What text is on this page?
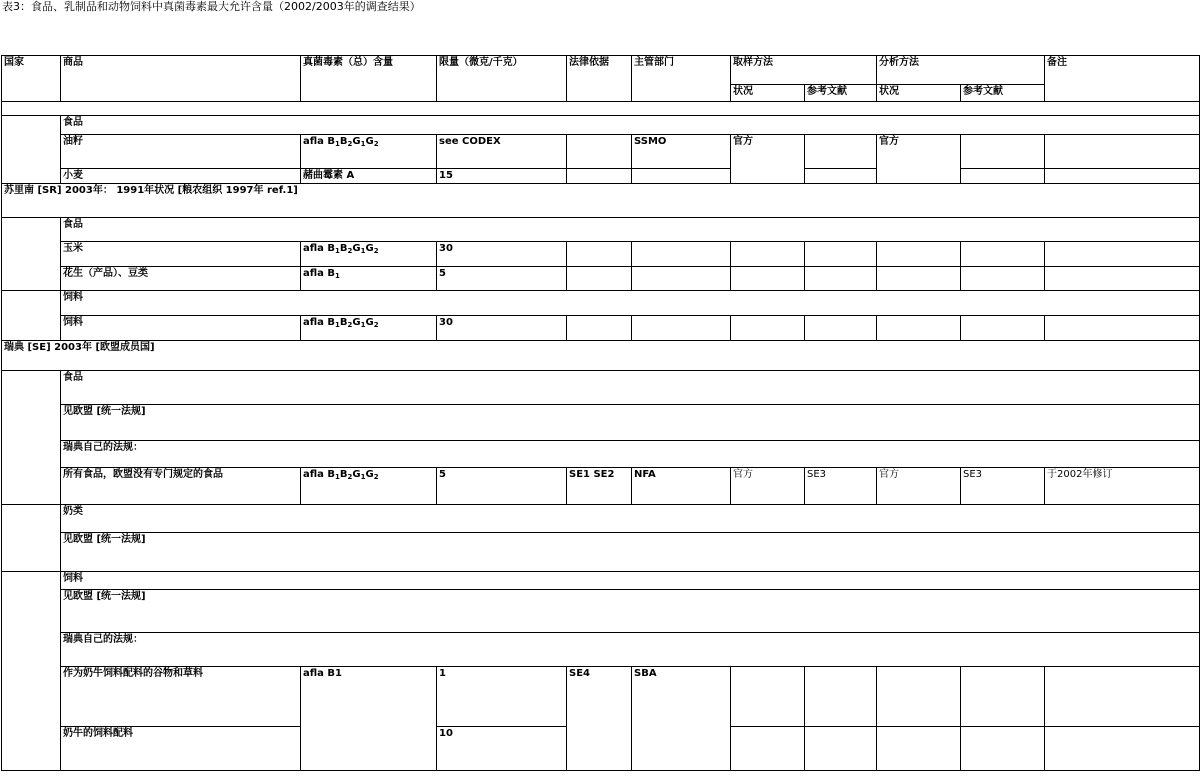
表3：食品、乳制品和动物饲料中真菌毒素最大允许含量（2002/2003年的调查结果）
国家	商品	真菌毒素（总）含量	限量（微克/千克）	法律依据	主管部门	取样方法		分析方法		备注
						状况	参考文献	状况	参考文献	

	食品									
	油籽	afla $B_1B_2G_1G_2$	see CODEX		SSMO	官方		官方		

	小麦	赭曲霉素 A	15							
苏里南 [SR] 2003年： 1991年状况 [粮农组织 1997年 ref.1]										
	食品									
	玉米	afla $B_1B_2G_1G_2$	30							
	花生（产品）、豆类	afla $B_1$	5							
	饲料									
	饲料	afla $B_1B_2G_1G_2$	30							
瑞典 [SE] 2003年 [欧盟成员国]										
	食品									
	见欧盟 [统一法规]									
	瑞典自己的法规：									
	所有食品，欧盟没有专门规定的食品	afla $B_1B_2G_1G_2$	5	SE1 SE2	NFA	官方	SE3	官方	SE3	于2002年修订
	奶类									
	见欧盟 [统一法规]									
	饲料									
	见欧盟 [统一法规]									
	瑞典自己的法规：									
	作为奶牛饲料配料的谷物和草料	afla B1	1	SE4	SBA					
	奶牛的饲料配料		10							
